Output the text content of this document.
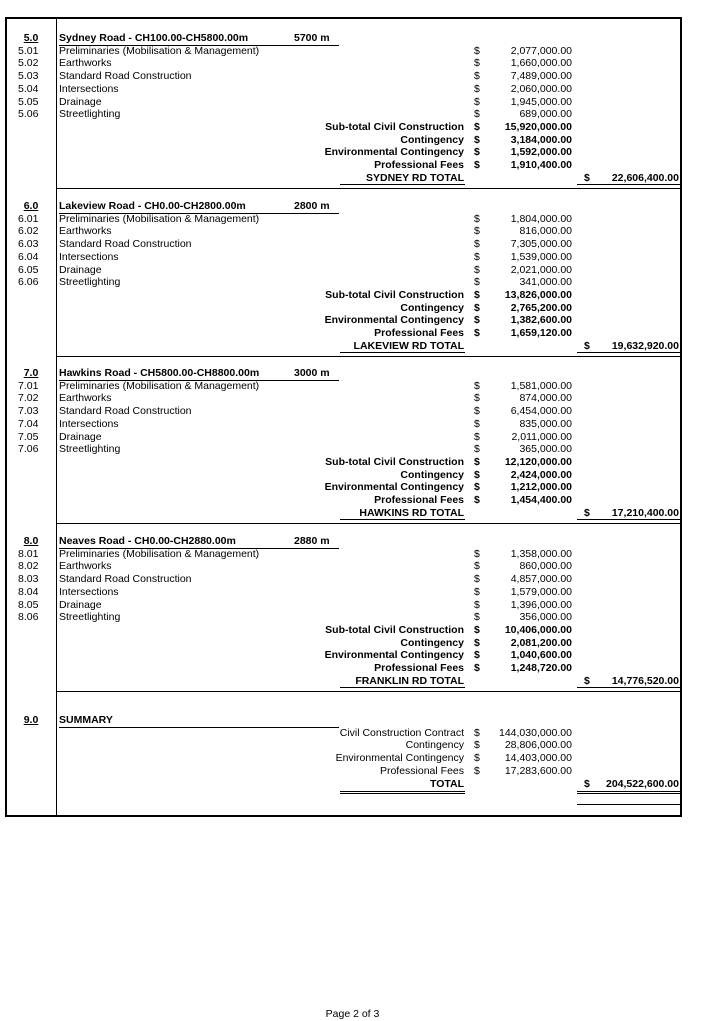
5.0	Sydney Road - CH100.00-CH5800.00m	5700 m
5.01	Preliminaries (Mobilisation & Management)	$	2,077,000.00
5.02	Earthworks	$	1,660,000.00
5.03	Standard Road Construction	$	7,489,000.00
5.04	Intersections	$	2,060,000.00
5.05	Drainage	$	1,945,000.00
5.06	Streetlighting	$	689,000.00
Sub-total Civil Construction $	15,920,000.00
Contingency $	3,184,000.00
Environmental Contingency $	1,592,000.00
Professional Fees $	1,910,400.00
SYDNEY RD TOTAL	$	22,606,400.00
6.0	Lakeview Road - CH0.00-CH2800.00m	2800 m
6.01	Preliminaries (Mobilisation & Management)	$	1,804,000.00
6.02	Earthworks	$	816,000.00
6.03	Standard Road Construction	$	7,305,000.00
6.04	Intersections	$	1,539,000.00
6.05	Drainage	$	2,021,000.00
6.06	Streetlighting	$	341,000.00
Sub-total Civil Construction $	13,826,000.00
Contingency $	2,765,200.00
Environmental Contingency $	1,382,600.00
Professional Fees $	1,659,120.00
LAKEVIEW RD TOTAL	$	19,632,920.00
7.0	Hawkins Road - CH5800.00-CH8800.00m	3000 m
7.01	Preliminaries (Mobilisation & Management)	$	1,581,000.00
7.02	Earthworks	$	874,000.00
7.03	Standard Road Construction	$	6,454,000.00
7.04	Intersections	$	835,000.00
7.05	Drainage	$	2,011,000.00
7.06	Streetlighting	$	365,000.00
Sub-total Civil Construction $	12,120,000.00
Contingency $	2,424,000.00
Environmental Contingency $	1,212,000.00
Professional Fees $	1,454,400.00
HAWKINS RD TOTAL	$	17,210,400.00
8.0	Neaves Road - CH0.00-CH2880.00m	2880 m
8.01	Preliminaries (Mobilisation & Management)	$	1,358,000.00
8.02	Earthworks	$	860,000.00
8.03	Standard Road Construction	$	4,857,000.00
8.04	Intersections	$	1,579,000.00
8.05	Drainage	$	1,396,000.00
8.06	Streetlighting	$	356,000.00
Sub-total Civil Construction $	10,406,000.00
Contingency $	2,081,200.00
Environmental Contingency $	1,040,600.00
Professional Fees $	1,248,720.00
FRANKLIN RD TOTAL	$	14,776,520.00
9.0	SUMMARY
Civil Construction Contract $	144,030,000.00
Contingency $	28,806,000.00
Environmental Contingency $	14,403,000.00
Professional Fees $	17,283,600.00
TOTAL	$	204,522,600.00
Page 2 of 3
